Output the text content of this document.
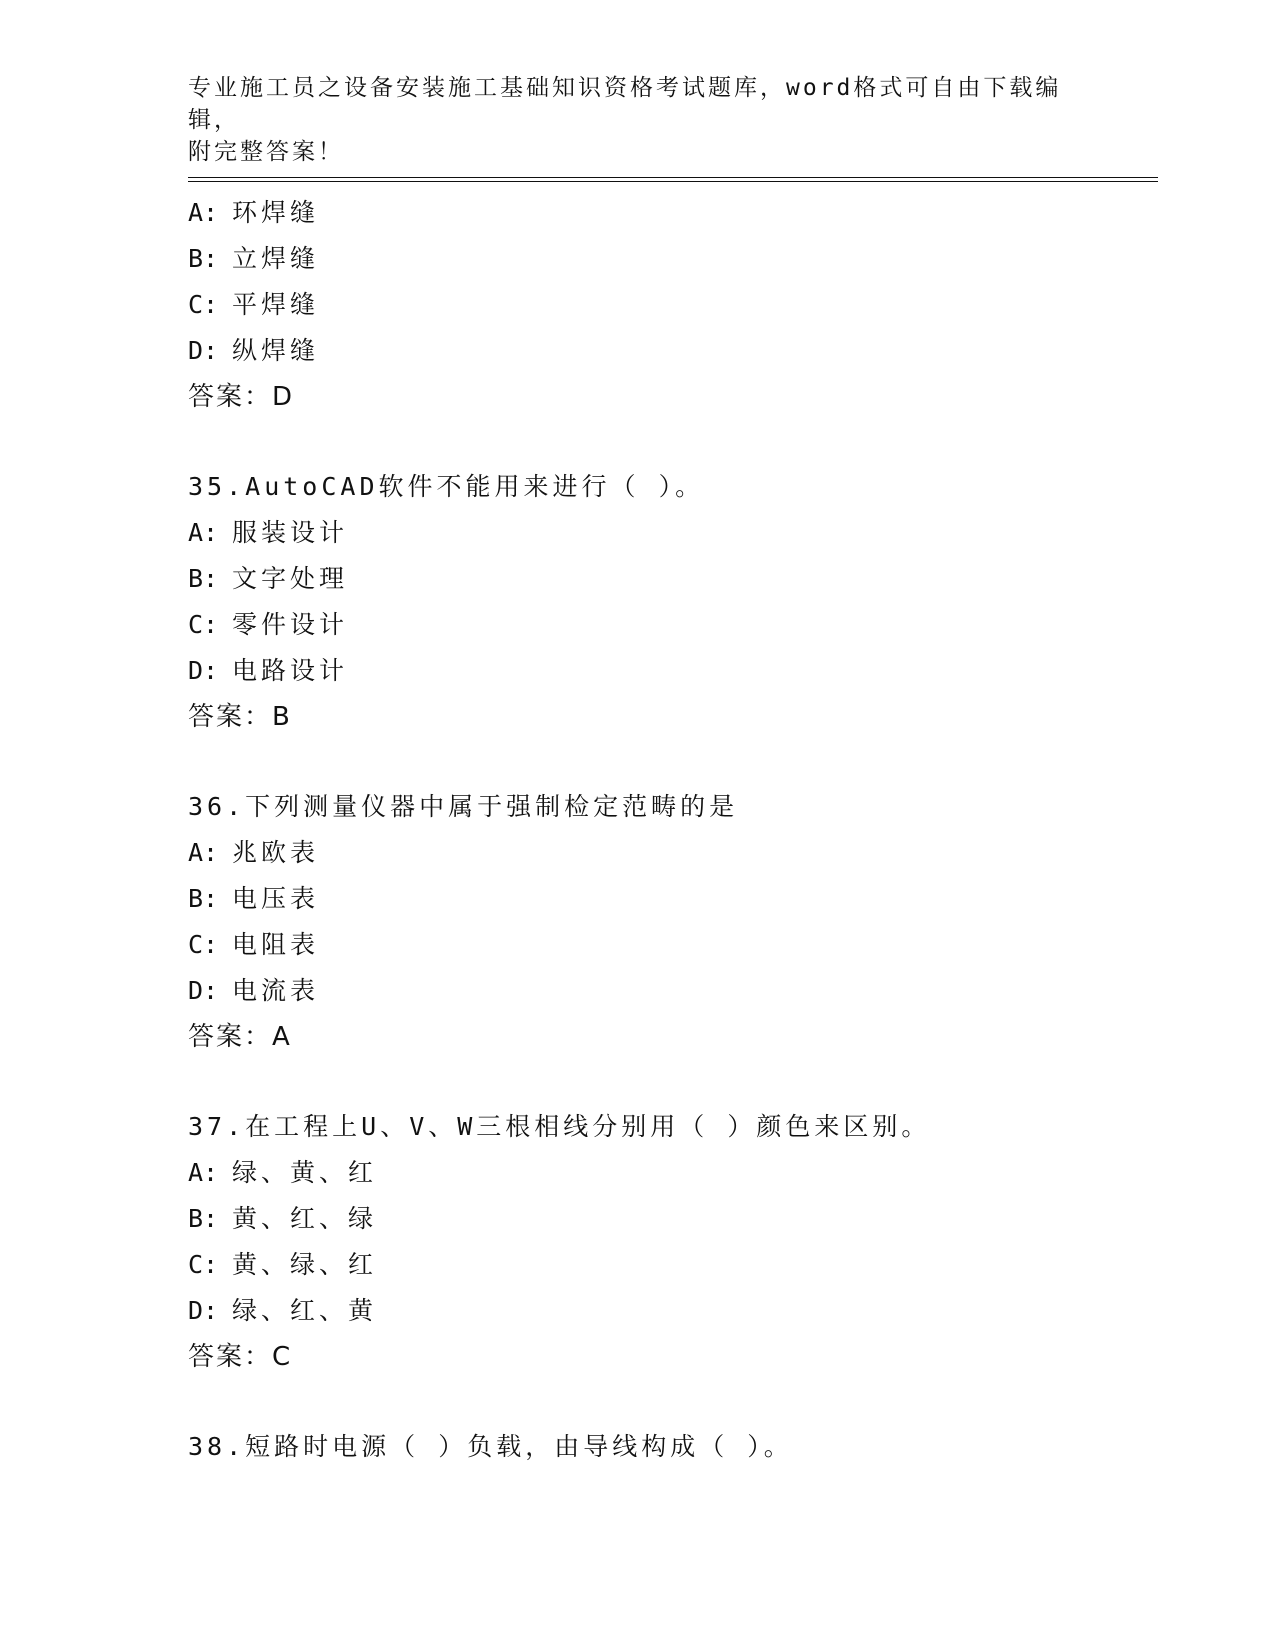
专业施工员之设备安装施工基础知识资格考试题库，word格式可自由下载编辑，
附完整答案！
A: 环焊缝
B: 立焊缝
C: 平焊缝
D: 纵焊缝
答案：D
35.AutoCAD软件不能用来进行（ ）。
A: 服装设计
B: 文字处理
C: 零件设计
D: 电路设计
答案：B
36.下列测量仪器中属于强制检定范畴的是
A: 兆欧表
B: 电压表
C: 电阻表
D: 电流表
答案：A
37.在工程上U、V、W三根相线分别用（ ）颜色来区别。
A: 绿、黄、红
B: 黄、红、绿
C: 黄、绿、红
D: 绿、红、黄
答案：C
38.短路时电源（ ）负载，由导线构成（ ）。
